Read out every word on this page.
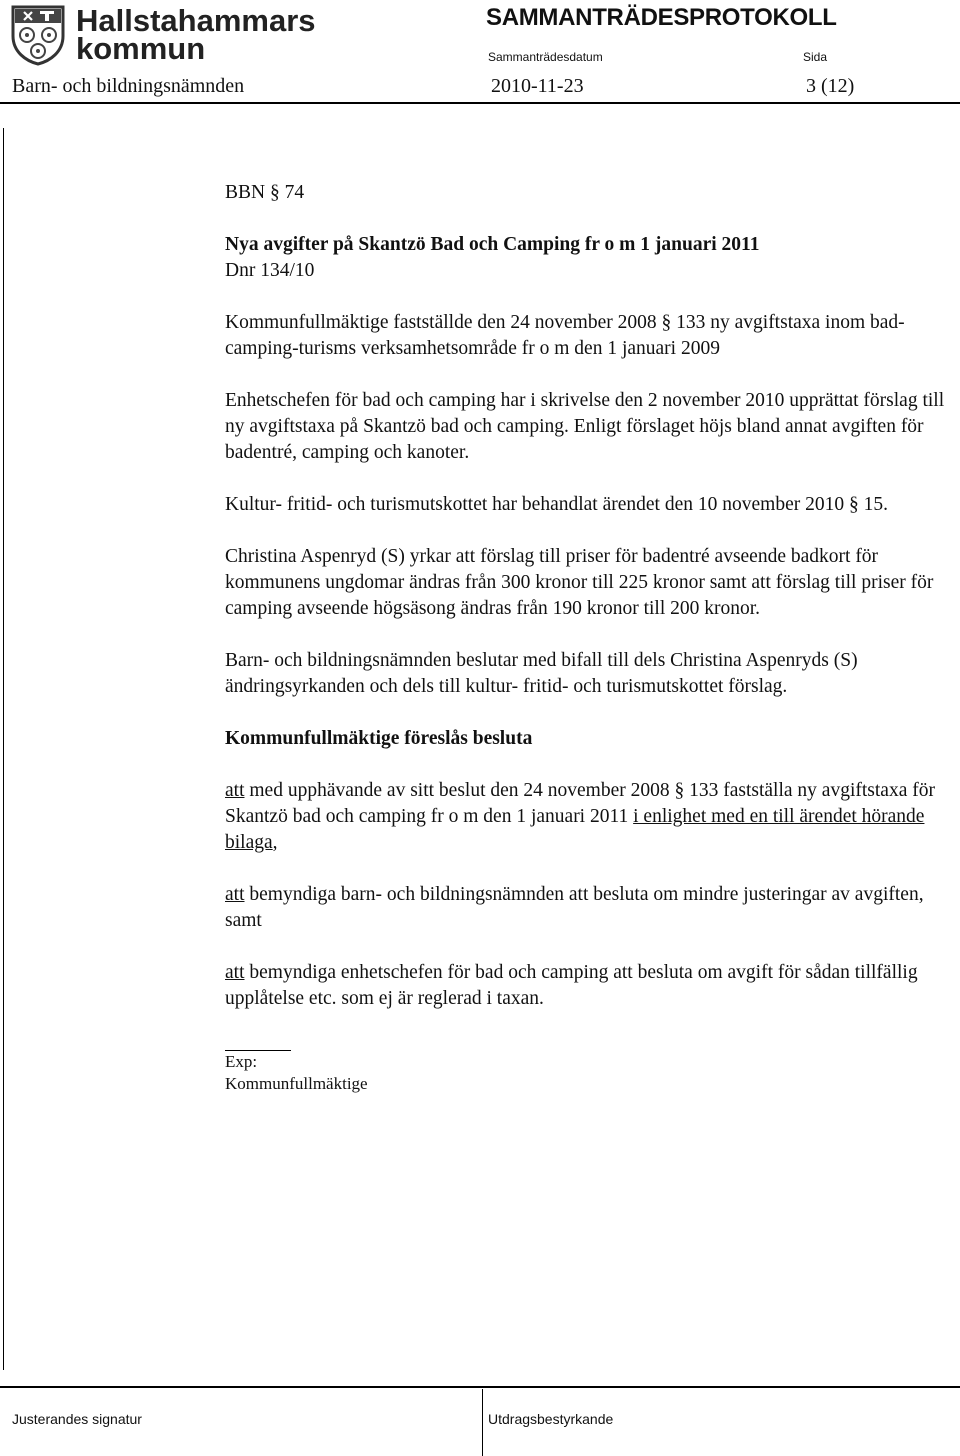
Hallstahammars
kommun
SAMMANTRÄDESPROTOKOLL
Sammanträdesdatum	Sida
Barn- och bildningsnämnden	2010-11-23	3 (12)

BBN § 74

Nya avgifter på Skantzö Bad och Camping fr o m 1 januari 2011

Dnr 134/10

Kommunfullmäktige fastställde den 24 november 2008 § 133 ny avgiftstaxa inom bad-camping-turisms verksamhetsområde fr o m den 1 januari 2009

Enhetschefen för bad och camping har i skrivelse den 2 november 2010 upprättat förslag till ny avgiftstaxa på Skantzö bad och camping. Enligt förslaget höjs bland annat avgiften för badentré, camping och kanoter.

Kultur- fritid- och turismutskottet har behandlat ärendet den 10 november 2010 § 15.

Christina Aspenryd (S) yrkar att förslag till priser för badentré avseende badkort för kommunens ungdomar ändras från 300 kronor till 225 kronor samt att förslag till priser för camping avseende högsäsong ändras från 190 kronor till 200 kronor.

Barn- och bildningsnämnden beslutar med bifall till dels Christina Aspenryds (S) ändringsyrkanden och dels till kultur- fritid- och turismutskottet förslag.

Kommunfullmäktige föreslås besluta

att med upphävande av sitt beslut den 24 november 2008 § 133 fastställa ny avgiftstaxa för Skantzö bad och camping fr o m den 1 januari 2011 i enlighet med en till ärendet hörande bilaga,

att bemyndiga barn- och bildningsnämnden att besluta om mindre justeringar av avgiften, samt

att bemyndiga enhetschefen för bad och camping att besluta om avgift för sådan tillfällig upplåtelse etc. som ej är reglerad i taxan.

Exp:
Kommunfullmäktige
Justerandes signatur	Utdragsbestyrkande
